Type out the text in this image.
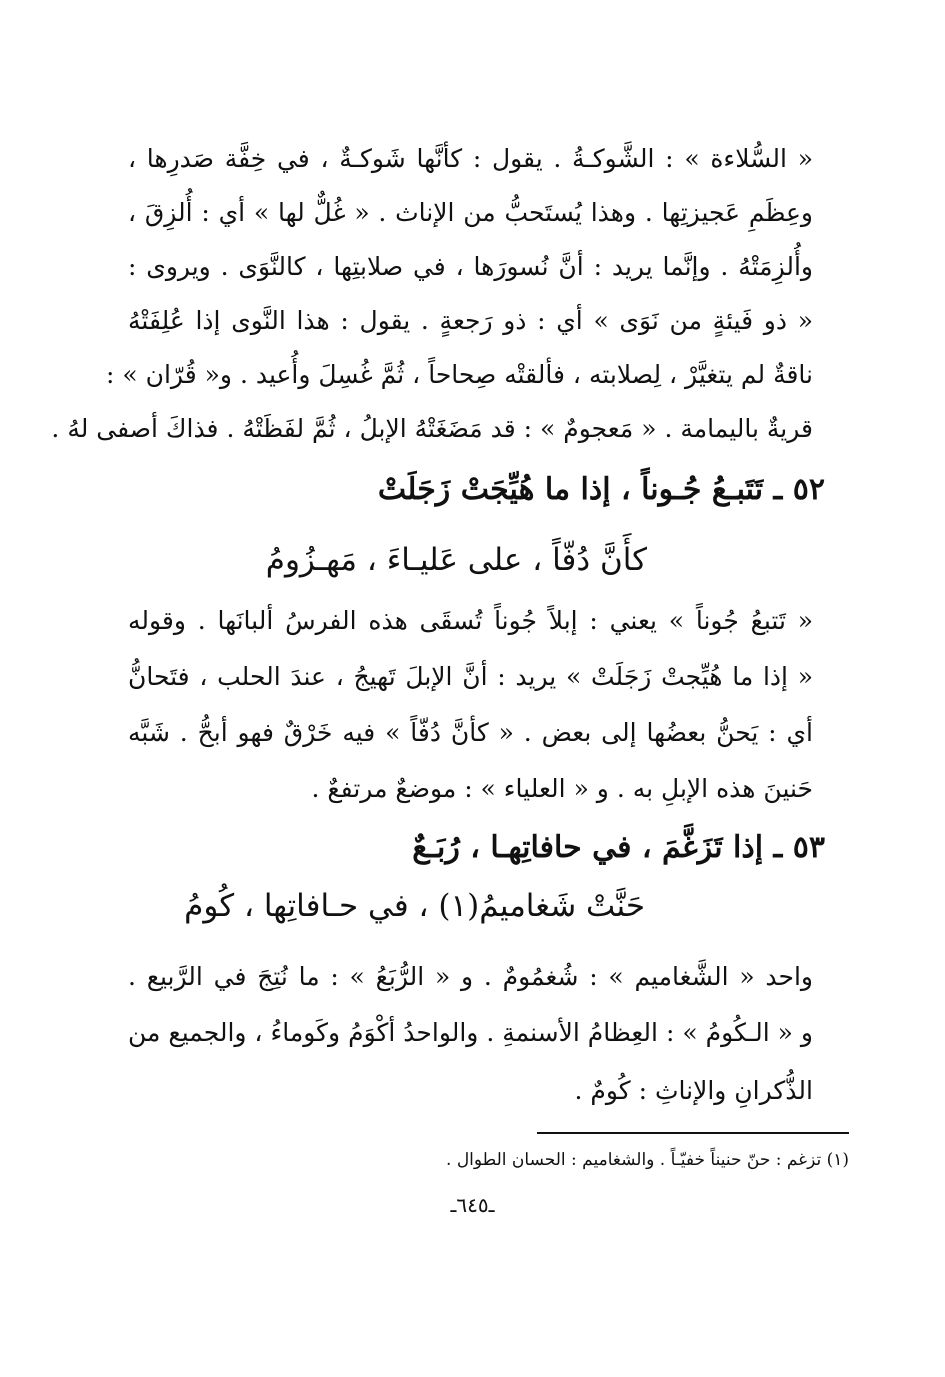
« السُّلاءة » : الشَّوكـةُ . يقول : كأنَّها شَوكـةٌ ، في خِفَّة صَدرِها ،
وعِظَمِ عَجيزتِها . وهذا يُستَحبُّ من الإناث . « غُلٌّ لها » أي : أُلزِقَ ،
وأُلزِمَتْهُ . وإنَّما يريد : أنَّ نُسورَها ، في صلابتِها ، كالنَّوَى . ويروى :
« ذو فَيئةٍ من نَوَى » أي : ذو رَجعةٍ . يقول : هذا النَّوى إذا عُلِفَتْهُ
ناقةٌ لم يتغيَّرْ ، لِصلابته ، فألقتْه صِحاحاً ، ثُمَّ غُسِلَ وأُعيد . و« قُرّان » :
قريةٌ باليمامة . « مَعجومٌ » : قد مَضَغَتْهُ الإبلُ ، ثُمَّ لفَظَتْهُ . فذاكَ أصفى لهُ .
٥٢ ـ تَتَبـعُ جُـوناً ، إذا ما هُيِّجَتْ زَجَلَتْ
كأَنَّ دُفّاً ، على عَليـاءَ ، مَهـزُومُ
« تَتبعُ جُوناً » يعني : إبلاً جُوناً تُسقَى هذه الفرسُ ألبانَها . وقوله
« إذا ما هُيِّجتْ زَجَلَتْ » يريد : أنَّ الإبلَ تَهيجُ ، عندَ الحلب ، فتَحانُّ
أي : يَحنُّ بعضُها إلى بعض . « كأنَّ دُفّاً » فيه خَرْقٌ فهو أبحُّ . شَبَّه
حَنينَ هذه الإبلِ به . و « العلياء » : موضعٌ مرتفعٌ .
٥٣ ـ إذا تَزَغَّمَ ، في حافاتِهـا ، رُبَـعٌ
حَنَّتْ شَغاميمُ(١) ، في حـافاتِها ، كُومُ
واحد « الشَّغاميم » : شُغمُومٌ . و « الرُّبَعُ » : ما نُتِجَ في الرَّبيع .
و « الـكُومُ » : العِظامُ الأسنمةِ . والواحدُ أكْوَمُ وكَوماءُ ، والجميع من
الذُّكرانِ والإناثِ : كُومٌ .
(١) تزغم : حنّ حنيناً خفيّـاً . والشغاميم : الحسان الطوال .
ـ٦٤٥ـ
